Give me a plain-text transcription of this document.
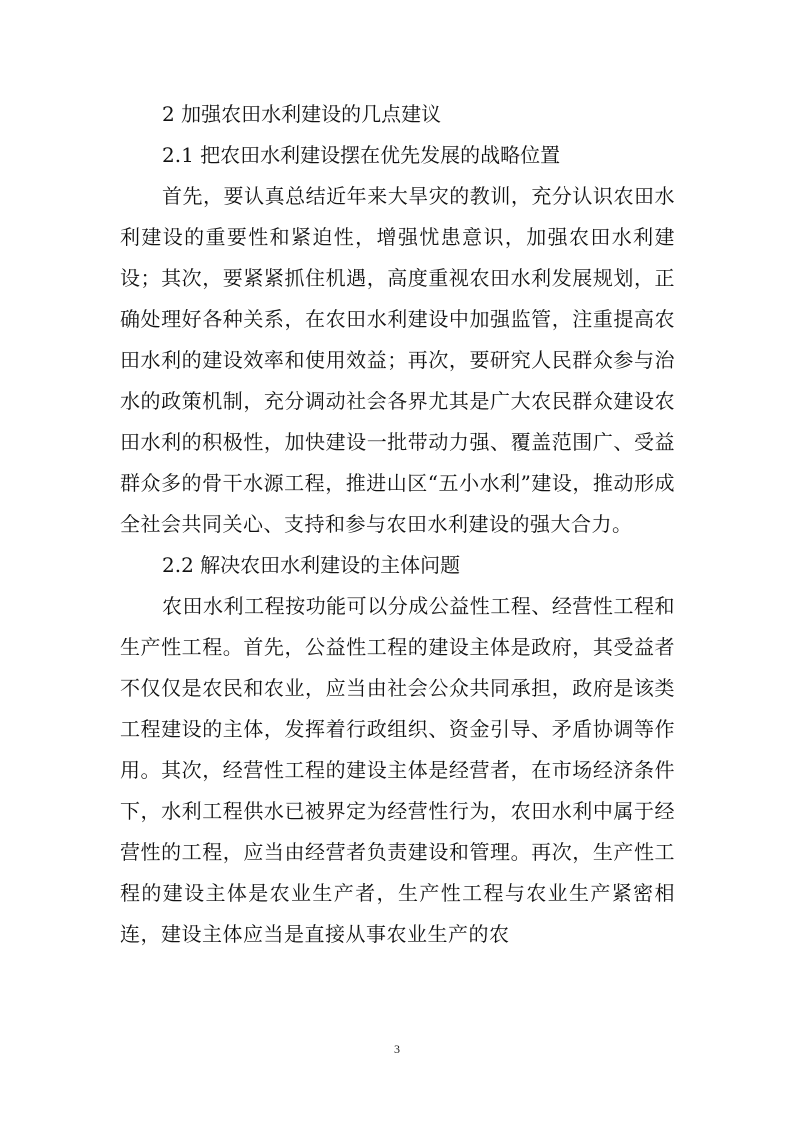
2 加强农田水利建设的几点建议

2.1 把农田水利建设摆在优先发展的战略位置

首先，要认真总结近年来大旱灾的教训，充分认识农田水利建设的重要性和紧迫性，增强忧患意识，加强农田水利建设；其次，要紧紧抓住机遇，高度重视农田水利发展规划，正确处理好各种关系，在农田水利建设中加强监管，注重提高农田水利的建设效率和使用效益；再次，要研究人民群众参与治水的政策机制，充分调动社会各界尤其是广大农民群众建设农田水利的积极性，加快建设一批带动力强、覆盖范围广、受益群众多的骨干水源工程，推进山区“五小水利”建设，推动形成全社会共同关心、支持和参与农田水利建设的强大合力。

2.2 解决农田水利建设的主体问题

农田水利工程按功能可以分成公益性工程、经营性工程和生产性工程。首先，公益性工程的建设主体是政府，其受益者不仅仅是农民和农业，应当由社会公众共同承担，政府是该类工程建设的主体，发挥着行政组织、资金引导、矛盾协调等作用。其次，经营性工程的建设主体是经营者，在市场经济条件下，水利工程供水已被界定为经营性行为，农田水利中属于经营性的工程，应当由经营者负责建设和管理。再次，生产性工程的建设主体是农业生产者，生产性工程与农业生产紧密相连，建设主体应当是直接从事农业生产的农

3
